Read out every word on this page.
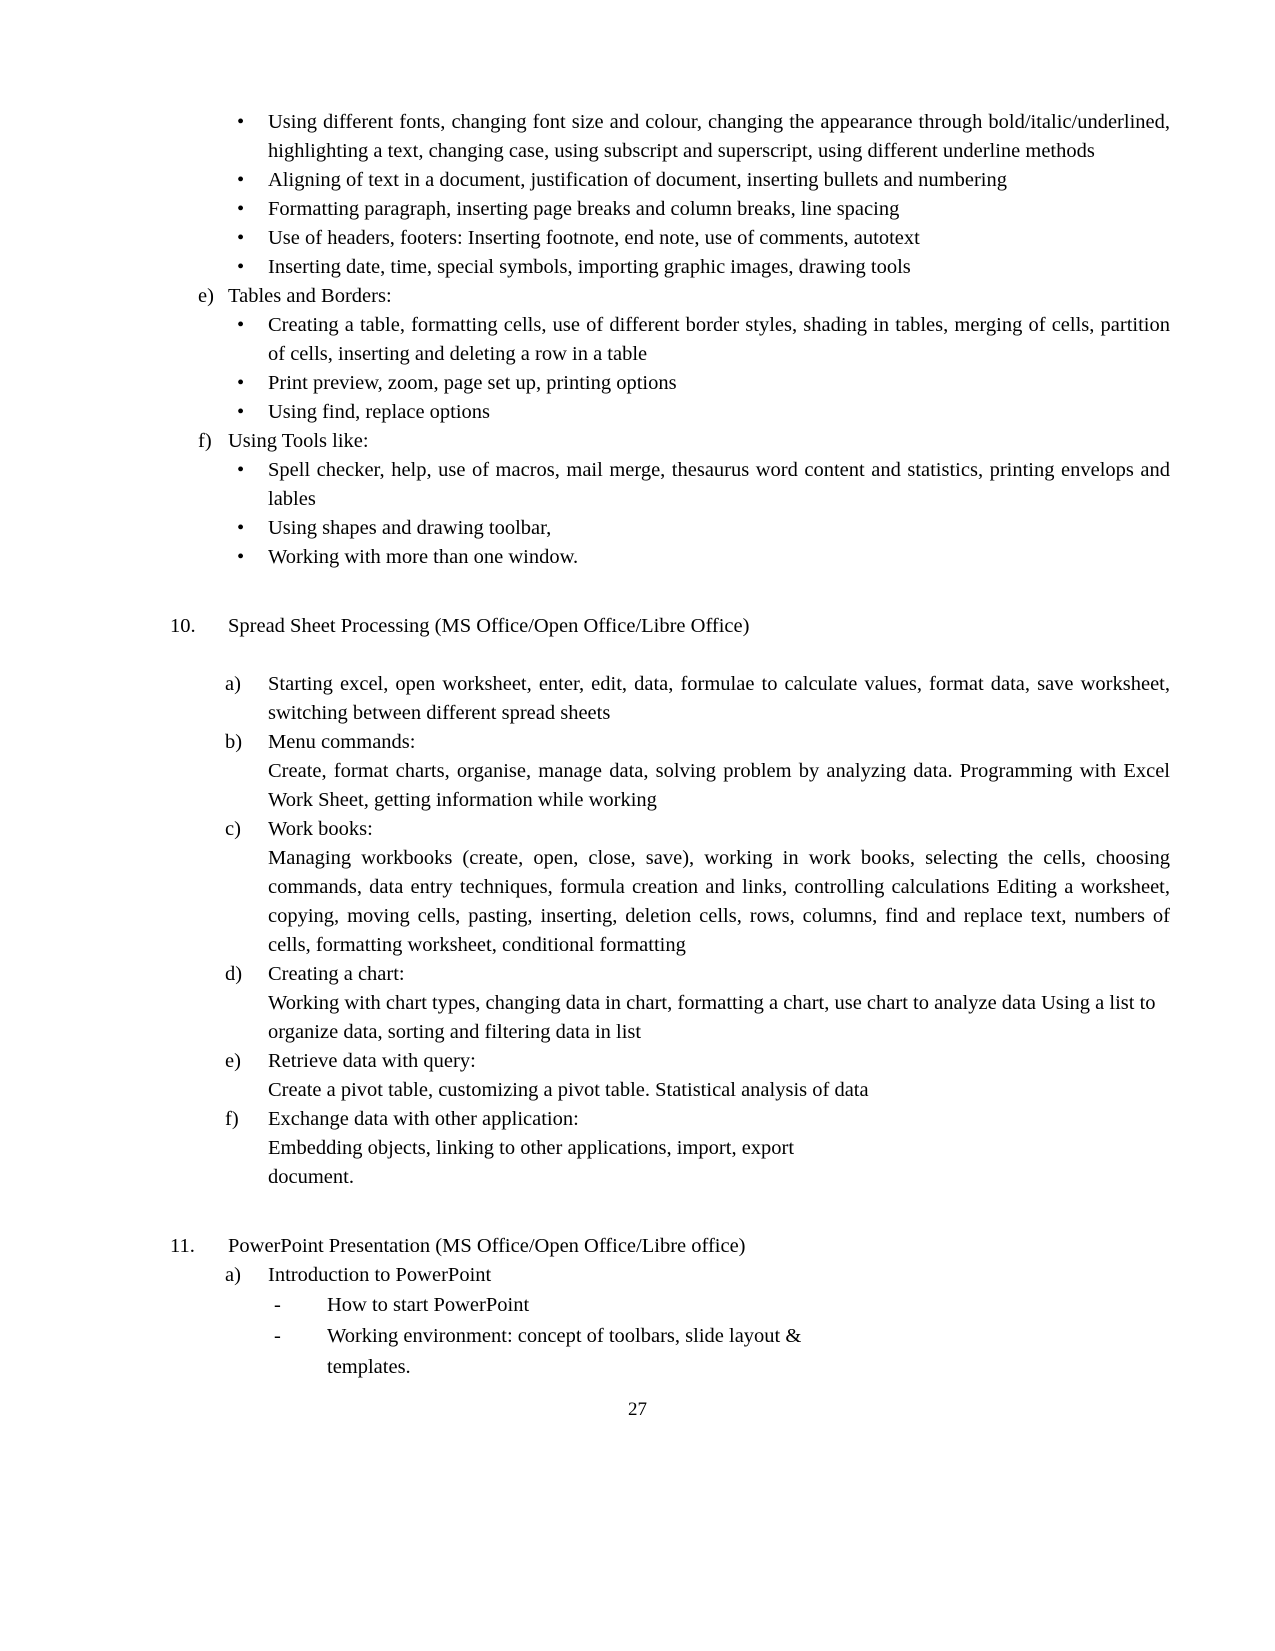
•	Using different fonts, changing font size and colour, changing the appearance through bold/italic/underlined, highlighting a text, changing case, using subscript and superscript, using different underline methods

•	Aligning of text in a document, justification of document, inserting bullets and numbering

•	Formatting paragraph, inserting page breaks and column breaks, line spacing

•	Use of headers, footers: Inserting footnote, end note, use of comments, autotext

•	Inserting date, time, special symbols, importing graphic images, drawing tools

e) Tables and Borders:

•	Creating a table, formatting cells, use of different border styles, shading in tables, merging of cells, partition of cells, inserting and deleting a row in a table

•	Print preview, zoom, page set up, printing options

•	Using find, replace options

f) Using Tools like:

•	Spell checker, help, use of macros, mail merge, thesaurus word content and statistics, printing envelops and lables

•	Using shapes and drawing toolbar,

•	Working with more than one window.

10. Spread Sheet Processing (MS Office/Open Office/Libre Office)

a) Starting excel, open worksheet, enter, edit, data, formulae to calculate values, format data, save worksheet, switching between different spread sheets

b) Menu commands:

Create, format charts, organise, manage data, solving problem by analyzing data. Programming with Excel Work Sheet, getting information while working

c) Work books:

Managing workbooks (create, open, close, save), working in work books, selecting the cells, choosing commands, data entry techniques, formula creation and links, controlling calculations Editing a worksheet, copying, moving cells, pasting, inserting, deletion cells, rows, columns, find and replace text, numbers of cells, formatting worksheet, conditional formatting

d) Creating a chart:

Working with chart types, changing data in chart, formatting a chart, use chart to analyze data Using a list to organize data, sorting and filtering data in list

e) Retrieve data with query:

Create a pivot table, customizing a pivot table. Statistical analysis of data

f) Exchange data with other application:

Embedding objects, linking to other applications, import, export

document.

11. PowerPoint Presentation (MS Office/Open Office/Libre office)

a) Introduction to PowerPoint

- How to start PowerPoint

- Working environment: concept of toolbars, slide layout &

templates.

27
